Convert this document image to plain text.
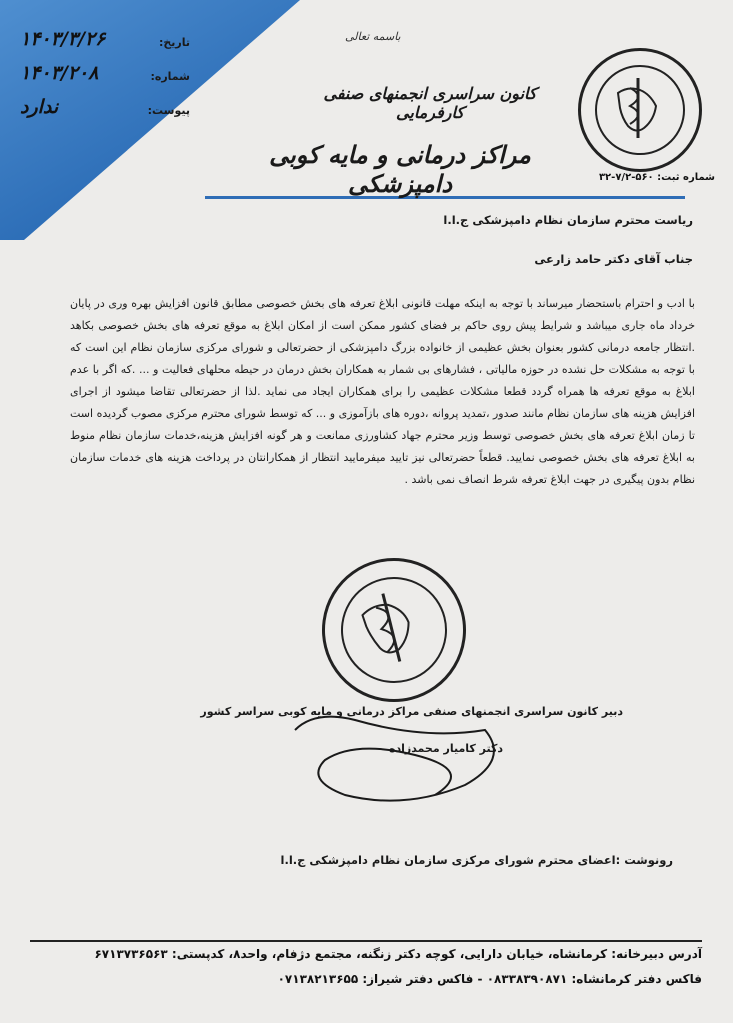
۱۴۰۳/۳/۲۶	تاریخ:
۱۴۰۳/۲۰۸	شماره:
ندارد	پیوست:
باسمه تعالی
کانون سراسری انجمنهای صنفی کارفرمایی
مراکز درمانی و مایه کوبی دامپزشکی	شماره ثبت: ۵۶۰-۷/۲-۳۲
ریاست محترم سازمان نظام دامپزشکی ج.ا.ا
جناب آقای دکتر حامد زارعی

با ادب و احترام باستحضار میرساند با توجه به اینکه مهلت قانونی ابلاغ تعرفه های بخش خصوصی مطابق قانون افزایش بهره وری در پایان خرداد ماه جاری میباشد و شرایط پیش روی حاکم بر فضای کشور ممکن است از امکان ابلاغ به موقع تعرفه های بخش خصوصی بکاهد .انتظار جامعه درمانی کشور بعنوان بخش عظیمی از خانواده بزرگ دامپزشکی از حضرتعالی و شورای مرکزی سازمان نظام این است که با توجه به مشکلات حل نشده در حوزه مالیاتی ، فشارهای بی شمار به همکاران بخش درمان در حیطه محلهای فعالیت و ... .که اگر با عدم ابلاغ به موقع تعرفه ها همراه گردد قطعا مشکلات عظیمی را برای همکاران ایجاد می نماید .لذا از حضرتعالی تقاضا میشود از اجرای افزایش هزینه های سازمان نظام مانند صدور ،تمدید پروانه ،دوره های بازآموزی و ... که توسط شورای محترم مرکزی مصوب گردیده است تا زمان ابلاغ تعرفه های بخش خصوصی توسط وزیر محترم جهاد کشاورزی ممانعت و هر گونه افزایش هزینه،خدمات سازمان نظام منوط به ابلاغ تعرفه های بخش خصوصی نمایید. قطعاً حضرتعالی نیز تایید میفرمایید انتظار از همکارانتان در پرداخت هزینه های خدمات سازمان نظام بدون پیگیری در جهت ابلاغ تعرفه شرط انصاف نمی باشد .

دبیر کانون سراسری انجمنهای صنفی مراکز درمانی و مایه کوبی سراسر کشور
دکتر کامیار محمدزاده
رونوشت :اعضای محترم شورای مرکزی سازمان نظام دامپزشکی ج.ا.ا
آدرس دبیرخانه: کرمانشاه، خیابان دارایی، کوچه دکتر زنگنه، مجتمع دژفام، واحد۸، کدپستی: ۶۷۱۳۷۳۶۵۶۳
فاکس دفتر کرمانشاه: ۰۸۳۳۸۳۹۰۸۷۱ - فاکس دفتر شیراز: ۰۷۱۳۸۲۱۳۶۵۵
